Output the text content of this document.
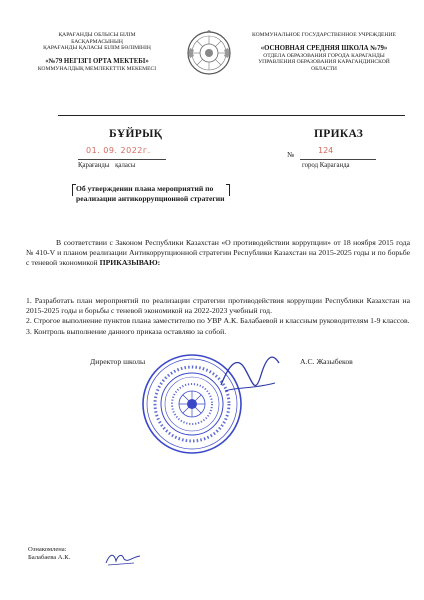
ҚАРАҒАНДЫ ОБЛЫСЫ БІЛІМ
БАСҚАРМАСЫНЫҢ
ҚАРАҒАНДЫ ҚАЛАСЫ БІЛІМ БӨЛІМІНІҢ
«№79 НЕГІЗГІ ОРТА МЕКТЕБІ»
КОММУНАЛДЫҚ МЕМЛЕКЕТТІК МЕКЕМЕСІ
КОММУНАЛЬНОЕ ГОСУДАРСТВЕННОЕ УЧРЕЖДЕНИЕ
«ОСНОВНАЯ СРЕДНЯЯ ШКОЛА №79»
ОТДЕЛА ОБРАЗОВАНИЯ ГОРОДА КАРАГАНДЫ
УПРАВЛЕНИЯ ОБРАЗОВАНИЯ КАРАГАНДИНСКОЙ
ОБЛАСТИ
БҰЙРЫҚ	ПРИКАЗ
01. 09. 2022г.	№	124
Қарағанды қаласы	город Караганда
Об утверждении плана мероприятий по реализации антикоррупционной стратегии
В соответствии с Законом Республики Казахстан «О противодействии коррупции» от 18 ноября 2015 года № 410-V и планом реализации Антикоррупционной стратегии Республики Казахстан на 2015-2025 годы и по борьбе с теневой экономикой ПРИКАЗЫВАЮ:

1. Разработать план мероприятий по реализации стратегии противодействия коррупции Республики Казахстан на 2015-2025 годы и борьбы с теневой экономикой на 2022-2023 учебный год.

2. Строгое выполнение пунктов плана заместителю по УВР А.К. Балабаевой и классным руководителям 1-9 классов.

3. Контроль выполнение данного приказа оставляю за собой.

Директор школы	А.С. Жазыбеков
Ознакомлена:
Балабаева А.К.
